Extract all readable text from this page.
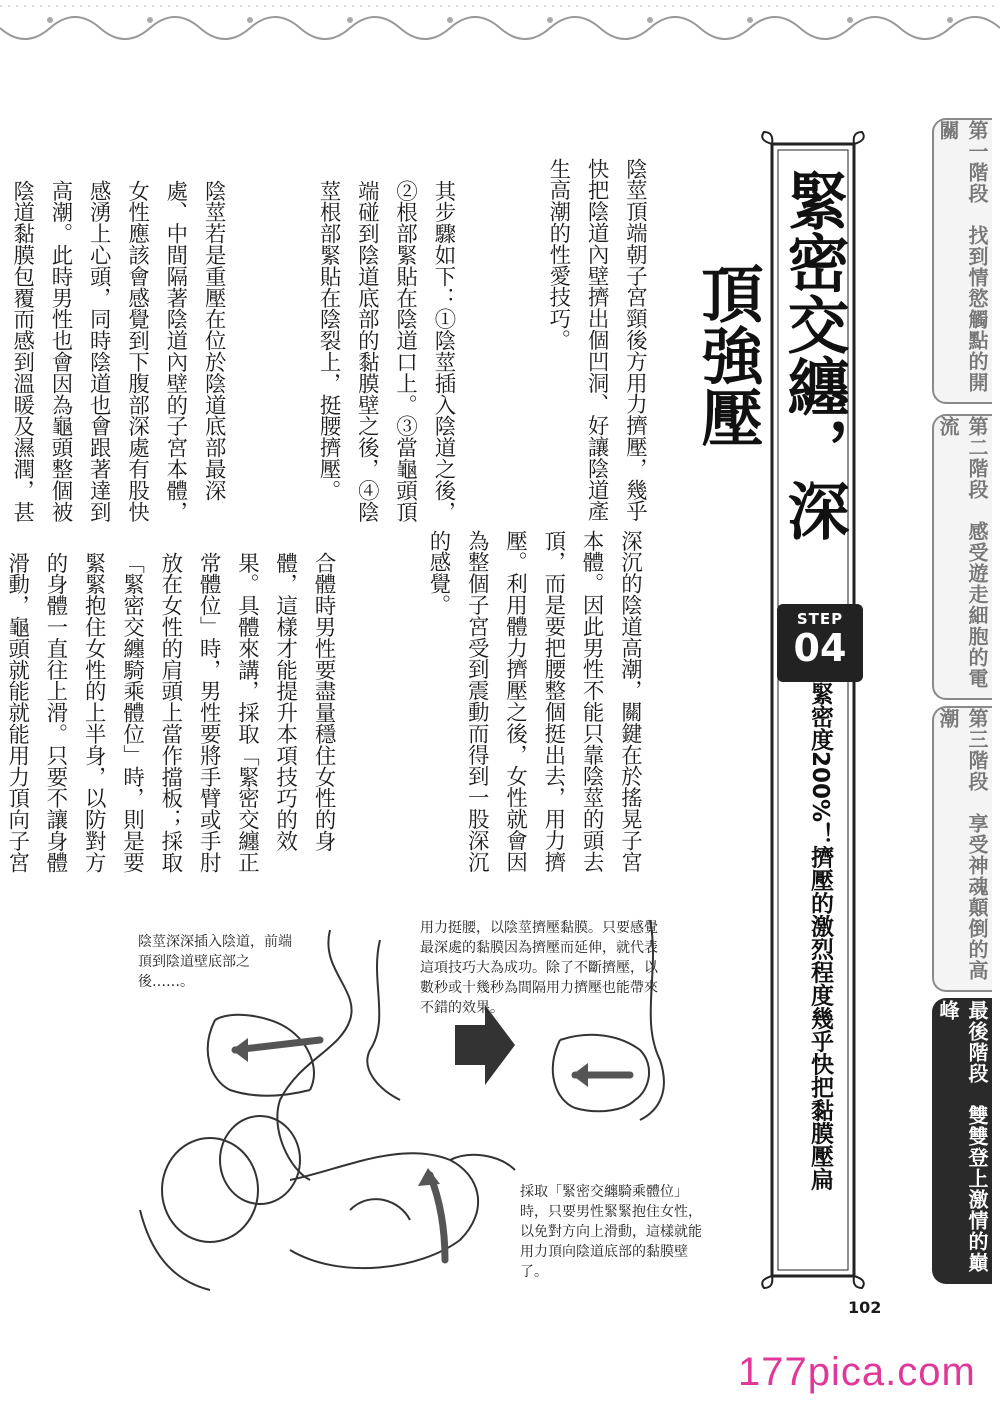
第一階段　找到情慾觸點的開關
第二階段　感受遊走細胞的電流
第三階段　享受神魂顛倒的高潮
最後階段　雙雙登上激情的巔峰
緊密交纏，深頂強壓
STEP
04
緊密度200%！擠壓的激烈程度幾乎快把黏膜壓扁

陰莖頂端朝子宮頸後方用力擠壓，幾乎快把陰道內壁擠出個凹洞、好讓陰道產生高潮的性愛技巧。

其步驟如下：①陰莖插入陰道之後，②根部緊貼在陰道口上。③當龜頭頂端碰到陰道底部的黏膜壁之後，④陰莖根部緊貼在陰裂上，挺腰擠壓。

陰莖若是重壓在位於陰道底部最深處、中間隔著陰道內壁的子宮本體，女性應該會感覺到下腹部深處有股快感湧上心頭，同時陰道也會跟著達到高潮。此時男性也會因為龜頭整個被陰道黏膜包覆而感到溫暖及濕潤，甚

深沉的陰道高潮，關鍵在於搖晃子宮本體。因此男性不能只靠陰莖的頭去頂，而是要把腰整個挺出去，用力擠壓。利用體力擠壓之後，女性就會因為整個子宮受到震動而得到一股深沉的感覺。

合體時男性要盡量穩住女性的身體，這樣才能提升本項技巧的效果。具體來講，採取「緊密交纏正常體位」時，男性要將手臂或手肘放在女性的肩頭上當作擋板；採取「緊密交纏騎乘體位」時，則是要緊緊抱住女性的上半身，以防對方的身體一直往上滑。只要不讓身體滑動，龜頭就能就能用力頂向子宮

陰莖深深插入陰道，前端頂到陰道壁底部之後……。
用力挺腰，以陰莖擠壓黏膜。只要感覺最深處的黏膜因為擠壓而延伸，就代表這項技巧大為成功。除了不斷擠壓，以數秒或十幾秒為間隔用力擠壓也能帶來不錯的效果。
採取「緊密交纏騎乘體位」時，只要男性緊緊抱住女性，以免對方向上滑動，這樣就能用力頂向陰道底部的黏膜壁了。
102
177pica.com
